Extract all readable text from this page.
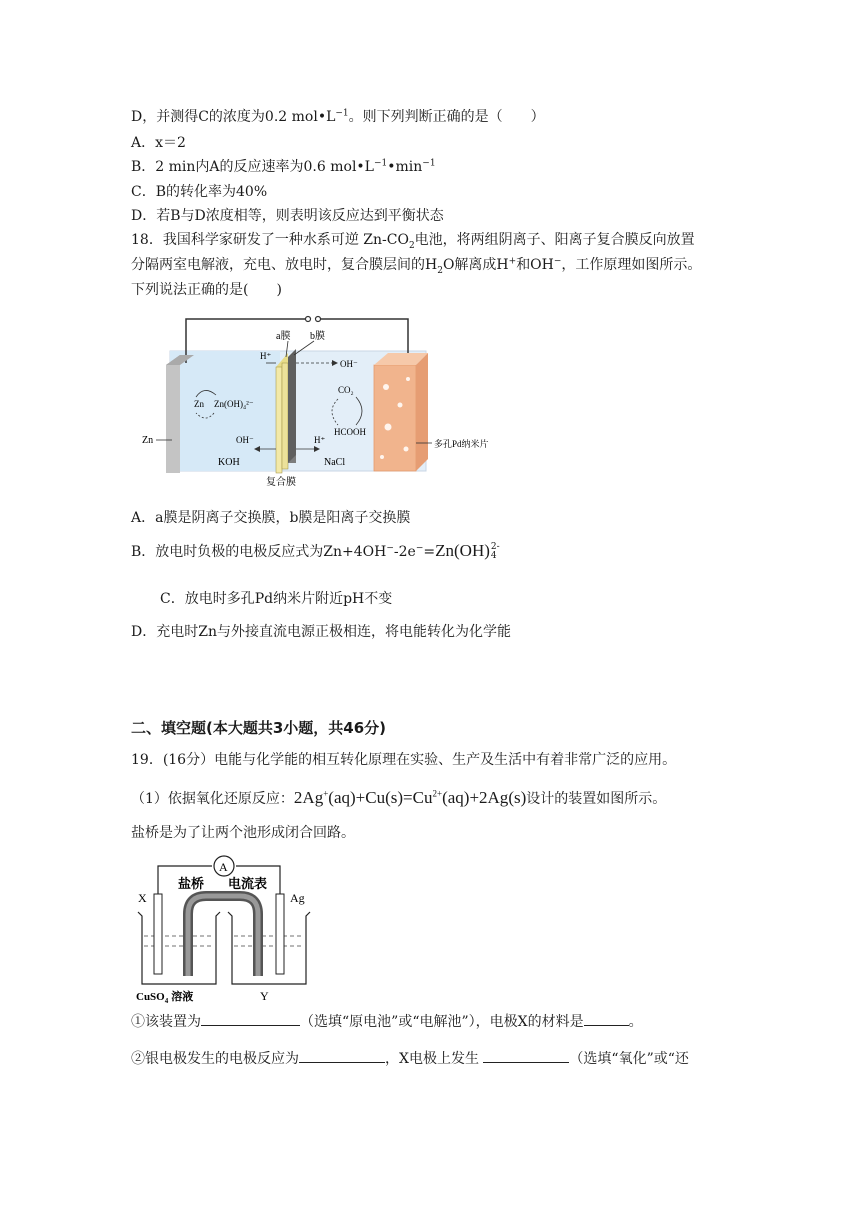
D，并测得C的浓度为0.2 $mol•L^{-1}$。则下列判断正确的是（　　）
A．x＝2
B．2 min内A的反应速率为0.6 $mol•L^{-1}•\min^{-1}$
C．B的转化率为40%
D．若B与D浓度相等，则表明该反应达到平衡状态
18．我国科学家研发了一种水系可逆 $Zn-CO_2$电池，将两组阴离子、阳离子复合膜反向放置
分隔两室电解液，充电、放电时，复合膜层间的$H_2O$解离成H+和OH−，工作原理如图所示。
下列说法正确的是(　　)
a膜 b膜
H⁺
OH⁻
Zn Zn(OH)₄²⁻
CO₂
HCOOH
OH⁻	H⁺
Zn
KOH	NaCl
复合膜
多孔Pd纳米片
A．a膜是阴离子交换膜，b膜是阳离子交换膜
B．放电时负极的电极反应式为Zn+4OH−-2e−=Zn(OH) 2-
4
C．放电时多孔Pd纳米片附近pH不变
D．充电时Zn与外接直流电源正极相连，将电能转化为化学能
二、填空题(本大题共3小题，共46分)
19．(16分）电能与化学能的相互转化原理在实验、生产及生活中有着非常广泛的应用。
（1）依据氧化还原反应：$2Ag^+(aq)+Cu(s)=Cu^{2+}(aq)+2Ag(s)$设计的装置如图所示。
盐桥是为了让两个池形成闭合回路。
A
盐桥 电流表
X	Ag
CuSO$_4$ 溶液	Y
①该装置为	（选填“原电池”或“电解池”），电极X的材料是	。
②银电极发生的电极反应为	，X电极上发生	（选填“氧化”或“还
